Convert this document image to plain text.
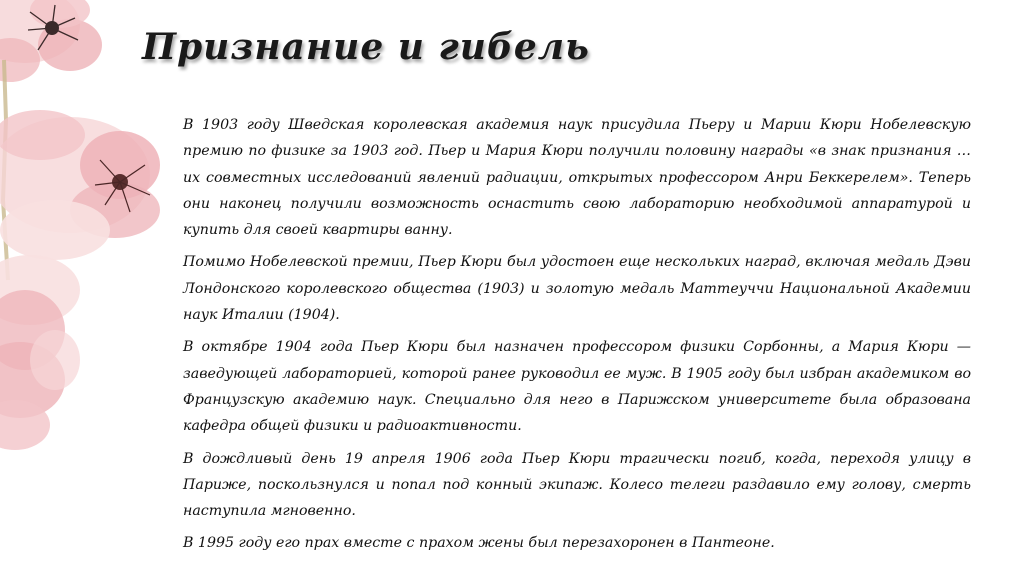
Признание и гибель

В 1903 году Шведская королевская академия наук присудила Пьеру и Марии Кюри Нобелевскую премию по физике за 1903 год. Пьер и Мария Кюри получили половину награды «в знак признания … их совместных исследований явлений радиации, открытых профессором Анри Беккерелем». Теперь они наконец получили возможность оснастить свою лабораторию необходимой аппаратурой и купить для своей квартиры ванну.

Помимо Нобелевской премии, Пьер Кюри был удостоен еще нескольких наград, включая медаль Дэви Лондонского королевского общества (1903) и золотую медаль Маттеуччи Национальной Академии наук Италии (1904).

В октябре 1904 года Пьер Кюри был назначен профессором физики Сорбонны, а Мария Кюри — заведующей лабораторией, которой ранее руководил ее муж. В 1905 году был избран академиком во Французскую академию наук. Специально для него в Парижском университете была образована кафедра общей физики и радиоактивности.

В дождливый день 19 апреля 1906 года Пьер Кюри трагически погиб, когда, переходя улицу в Париже, поскользнулся и попал под конный экипаж. Колесо телеги раздавило ему голову, смерть наступила мгновенно.

В 1995 году его прах вместе с прахом жены был перезахоронен в Пантеоне.
